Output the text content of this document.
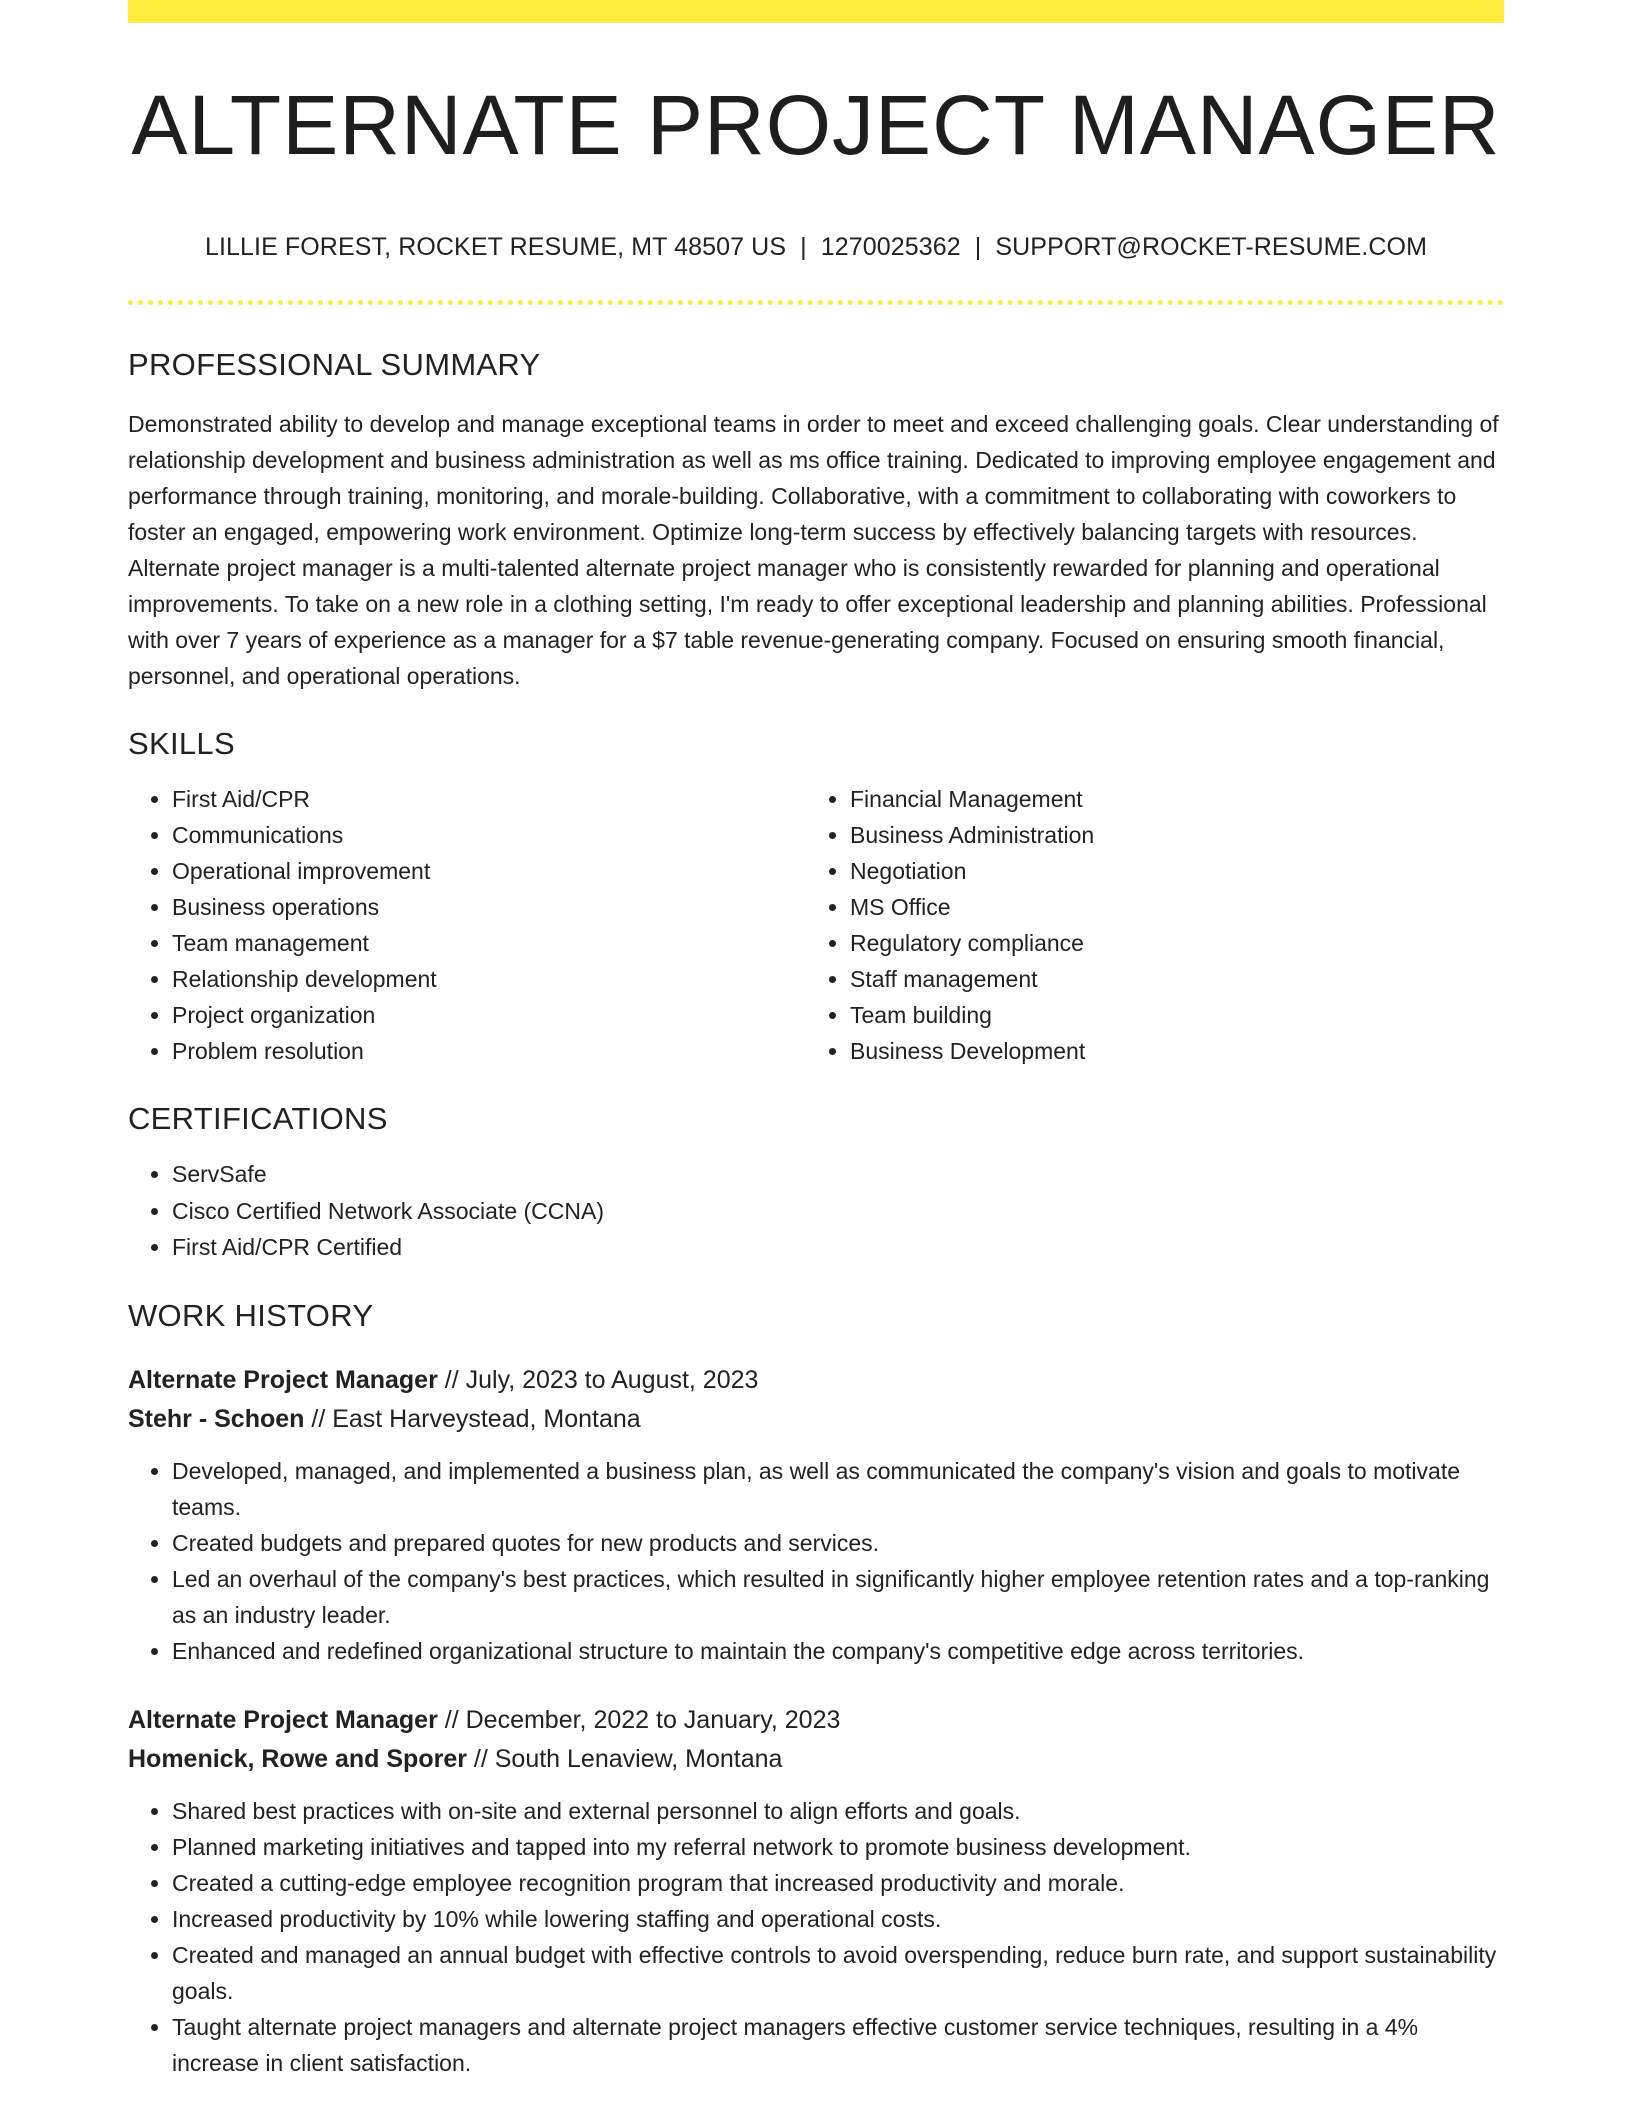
ALTERNATE PROJECT MANAGER
LILLIE FOREST, ROCKET RESUME, MT 48507 US | 1270025362 | SUPPORT@ROCKET-RESUME.COM
PROFESSIONAL SUMMARY

Demonstrated ability to develop and manage exceptional teams in order to meet and exceed challenging goals. Clear understanding of relationship development and business administration as well as ms office training. Dedicated to improving employee engagement and performance through training, monitoring, and morale-building. Collaborative, with a commitment to collaborating with coworkers to foster an engaged, empowering work environment. Optimize long-term success by effectively balancing targets with resources. Alternate project manager is a multi-talented alternate project manager who is consistently rewarded for planning and operational improvements. To take on a new role in a clothing setting, I'm ready to offer exceptional leadership and planning abilities. Professional with over 7 years of experience as a manager for a $7 table revenue-generating company. Focused on ensuring smooth financial, personnel, and operational operations.

SKILLS
• First Aid/CPR
• Communications
• Operational improvement
• Business operations
• Team management
• Relationship development
• Project organization
• Problem resolution
• Financial Management
• Business Administration
• Negotiation
• MS Office
• Regulatory compliance
• Staff management
• Team building
• Business Development
CERTIFICATIONS
• ServSafe
• Cisco Certified Network Associate (CCNA)
• First Aid/CPR Certified
WORK HISTORY
Alternate Project Manager // July, 2023 to August, 2023
Stehr - Schoen // East Harveystead, Montana
• Developed, managed, and implemented a business plan, as well as communicated the company's vision and goals to motivate teams.
• Created budgets and prepared quotes for new products and services.
• Led an overhaul of the company's best practices, which resulted in significantly higher employee retention rates and a top-ranking as an industry leader.
• Enhanced and redefined organizational structure to maintain the company's competitive edge across territories.
Alternate Project Manager // December, 2022 to January, 2023
Homenick, Rowe and Sporer // South Lenaview, Montana
• Shared best practices with on-site and external personnel to align efforts and goals.
• Planned marketing initiatives and tapped into my referral network to promote business development.
• Created a cutting-edge employee recognition program that increased productivity and morale.
• Increased productivity by 10% while lowering staffing and operational costs.
• Created and managed an annual budget with effective controls to avoid overspending, reduce burn rate, and support sustainability goals.
• Taught alternate project managers and alternate project managers effective customer service techniques, resulting in a 4% increase in client satisfaction.
